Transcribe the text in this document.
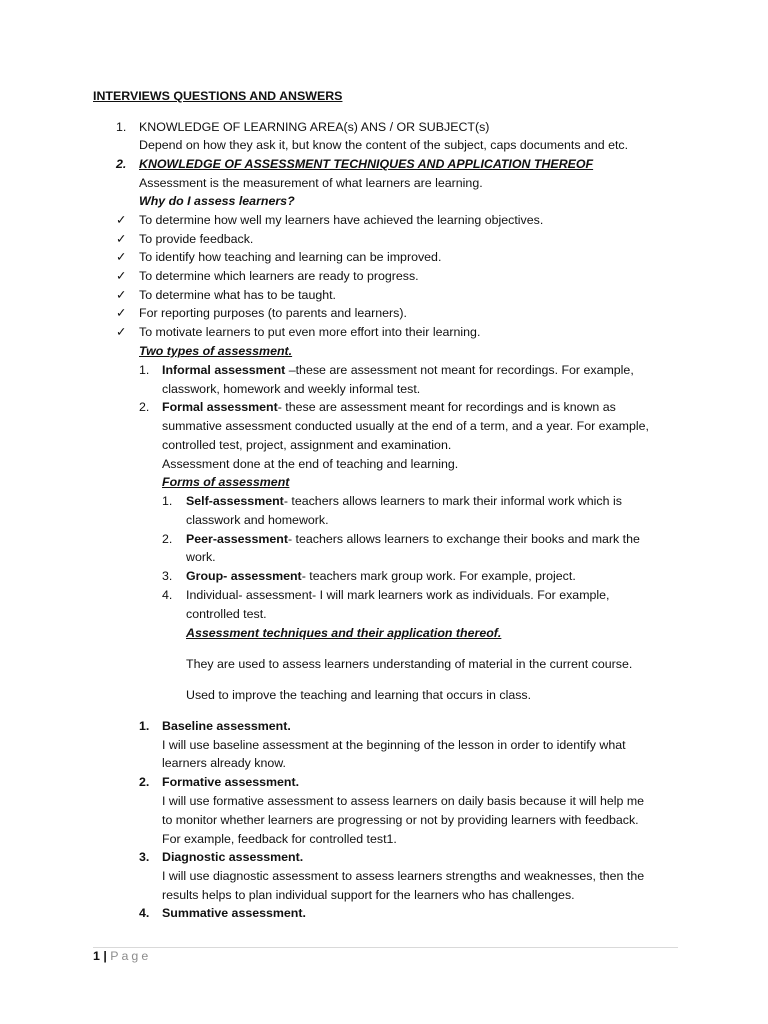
INTERVIEWS QUESTIONS AND ANSWERS
1. KNOWLEDGE OF LEARNING AREA(s) ANS / OR SUBJECT(s)
Depend on how they ask it, but know the content of the subject, caps documents and etc.
2. KNOWLEDGE OF ASSESSMENT TECHNIQUES AND APPLICATION THEREOF
Assessment is the measurement of what learners are learning.
Why do I assess learners?
✓ To determine how well my learners have achieved the learning objectives.
✓ To provide feedback.
✓ To identify how teaching and learning can be improved.
✓ To determine which learners are ready to progress.
✓ To determine what has to be taught.
✓ For reporting purposes (to parents and learners).
✓ To motivate learners to put even more effort into their learning.
Two types of assessment.
1. Informal assessment –these are assessment not meant for recordings. For example,
classwork, homework and weekly informal test.
2. Formal assessment- these are assessment meant for recordings and is known as
summative assessment conducted usually at the end of a term, and a year. For example,
controlled test, project, assignment and examination.
Assessment done at the end of teaching and learning.
Forms of assessment
1. Self-assessment- teachers allows learners to mark their informal work which is
classwork and homework.
2. Peer-assessment- teachers allows learners to exchange their books and mark the
work.
3. Group- assessment- teachers mark group work. For example, project.
4. Individual- assessment- I will mark learners work as individuals. For example,
controlled test.
Assessment techniques and their application thereof.
They are used to assess learners understanding of material in the current course.
Used to improve the teaching and learning that occurs in class.
1. Baseline assessment.
I will use baseline assessment at the beginning of the lesson in order to identify what
learners already know.
2. Formative assessment.
I will use formative assessment to assess learners on daily basis because it will help me
to monitor whether learners are progressing or not by providing learners with feedback.
For example, feedback for controlled test1.
3. Diagnostic assessment.
I will use diagnostic assessment to assess learners strengths and weaknesses, then the
results helps to plan individual support for the learners who has challenges.
4. Summative assessment.
1 | Page
